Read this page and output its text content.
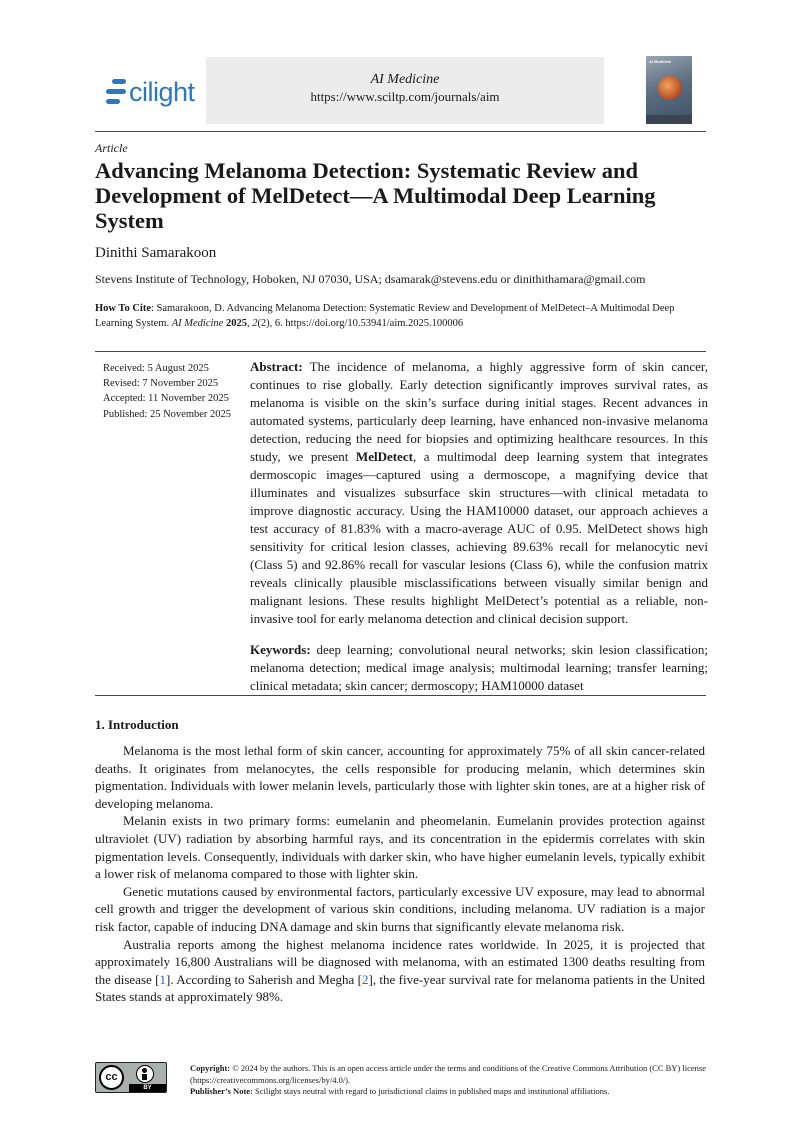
cilight	AI Medicine
https://www.sciltp.com/journals/aim
AI Medicine
Article
Advancing Melanoma Detection: Systematic Review and Development of MelDetect—A Multimodal Deep Learning System
Dinithi Samarakoon
Stevens Institute of Technology, Hoboken, NJ 07030, USA; dsamarak@stevens.edu or dinithithamara@gmail.com
How To Cite: Samarakoon, D. Advancing Melanoma Detection: Systematic Review and Development of MelDetect–A Multimodal Deep Learning System. AI Medicine 2025, 2(2), 6. https://doi.org/10.53941/aim.2025.100006
Received: 5 August 2025
Revised: 7 November 2025
Accepted: 11 November 2025
Published: 25 November 2025
Abstract: The incidence of melanoma, a highly aggressive form of skin cancer, continues to rise globally. Early detection significantly improves survival rates, as melanoma is visible on the skin’s surface during initial stages. Recent advances in automated systems, particularly deep learning, have enhanced non-invasive melanoma detection, reducing the need for biopsies and optimizing healthcare resources. In this study, we present MelDetect, a multimodal deep learning system that integrates dermoscopic images—captured using a dermoscope, a magnifying device that illuminates and visualizes subsurface skin structures—with clinical metadata to improve diagnostic accuracy. Using the HAM10000 dataset, our approach achieves a test accuracy of 81.83% with a macro-average AUC of 0.95. MelDetect shows high sensitivity for critical lesion classes, achieving 89.63% recall for melanocytic nevi (Class 5) and 92.86% recall for vascular lesions (Class 6), while the confusion matrix reveals clinically plausible misclassifications between visually similar benign and malignant lesions. These results highlight MelDetect’s potential as a reliable, non-invasive tool for early melanoma detection and clinical decision support.
Keywords: deep learning; convolutional neural networks; skin lesion classification; melanoma detection; medical image analysis; multimodal learning; transfer learning; clinical metadata; skin cancer; dermoscopy; HAM10000 dataset
1. Introduction

Melanoma is the most lethal form of skin cancer, accounting for approximately 75% of all skin cancer-related deaths. It originates from melanocytes, the cells responsible for producing melanin, which determines skin pigmentation. Individuals with lower melanin levels, particularly those with lighter skin tones, are at a higher risk of developing melanoma.

Melanin exists in two primary forms: eumelanin and pheomelanin. Eumelanin provides protection against ultraviolet (UV) radiation by absorbing harmful rays, and its concentration in the epidermis correlates with skin pigmentation levels. Consequently, individuals with darker skin, who have higher eumelanin levels, typically exhibit a lower risk of melanoma compared to those with lighter skin.

Genetic mutations caused by environmental factors, particularly excessive UV exposure, may lead to abnormal cell growth and trigger the development of various skin conditions, including melanoma. UV radiation is a major risk factor, capable of inducing DNA damage and skin burns that significantly elevate melanoma risk.

Australia reports among the highest melanoma incidence rates worldwide. In 2025, it is projected that approximately 16,800 Australians will be diagnosed with melanoma, with an estimated 1300 deaths resulting from the disease [1]. According to Saherish and Megha [2], the five-year survival rate for melanoma patients in the United States stands at approximately 98%.

cc
BY
Copyright: © 2024 by the authors. This is an open access article under the terms and conditions of the Creative Commons Attribution (CC BY) license (https://creativecommons.org/licenses/by/4.0/).
Publisher’s Note: Scilight stays neutral with regard to jurisdictional claims in published maps and institutional affiliations.
